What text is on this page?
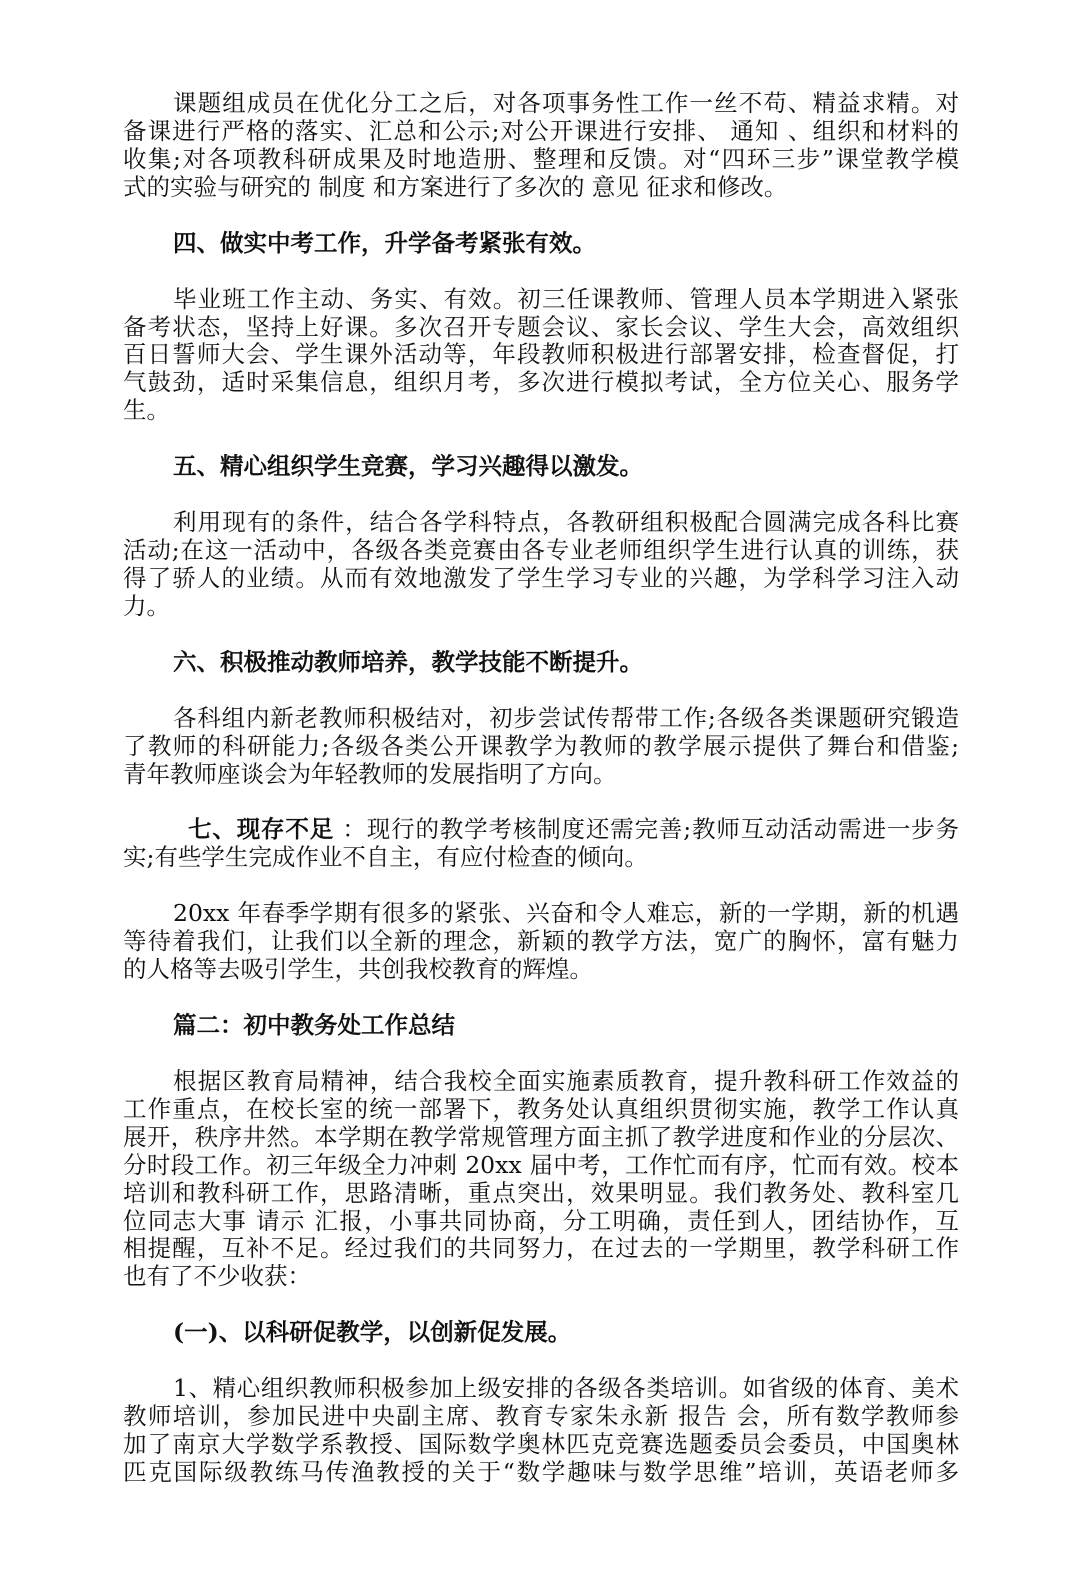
课题组成员在优化分工之后，对各项事务性工作一丝不苟、精益求精。对
备课进行严格的落实、汇总和公示;对公开课进行安排、 通知 、组织和材料的
收集;对各项教科研成果及时地造册、整理和反馈。对“四环三步”课堂教学模
式的实验与研究的 制度 和方案进行了多次的 意见 征求和修改。
四、做实中考工作，升学备考紧张有效。
毕业班工作主动、务实、有效。初三任课教师、管理人员本学期进入紧张
备考状态，坚持上好课。多次召开专题会议、家长会议、学生大会，高效组织
百日誓师大会、学生课外活动等，年段教师积极进行部署安排，检查督促，打
气鼓劲，适时采集信息，组织月考，多次进行模拟考试，全方位关心、服务学
生。
五、精心组织学生竞赛，学习兴趣得以激发。
利用现有的条件，结合各学科特点，各教研组积极配合圆满完成各科比赛
活动;在这一活动中，各级各类竞赛由各专业老师组织学生进行认真的训练，获
得了骄人的业绩。从而有效地激发了学生学习专业的兴趣，为学科学习注入动
力。
六、积极推动教师培养，教学技能不断提升。
各科组内新老教师积极结对，初步尝试传帮带工作;各级各类课题研究锻造
了教师的科研能力;各级各类公开课教学为教师的教学展示提供了舞台和借鉴;
青年教师座谈会为年轻教师的发展指明了方向。
七、现存不足 ：现行的教学考核制度还需完善;教师互动活动需进一步务
实;有些学生完成作业不自主，有应付检查的倾向。
20xx 年春季学期有很多的紧张、兴奋和令人难忘，新的一学期，新的机遇
等待着我们，让我们以全新的理念，新颖的教学方法，宽广的胸怀，富有魅力
的人格等去吸引学生，共创我校教育的辉煌。
篇二：初中教务处工作总结
根据区教育局精神，结合我校全面实施素质教育，提升教科研工作效益的
工作重点，在校长室的统一部署下，教务处认真组织贯彻实施，教学工作认真
展开，秩序井然。本学期在教学常规管理方面主抓了教学进度和作业的分层次、
分时段工作。初三年级全力冲刺 20xx 届中考，工作忙而有序，忙而有效。校本
培训和教科研工作，思路清晰，重点突出，效果明显。我们教务处、教科室几
位同志大事 请示 汇报，小事共同协商，分工明确，责任到人，团结协作，互
相提醒，互补不足。经过我们的共同努力，在过去的一学期里，教学科研工作
也有了不少收获：
(一)、以科研促教学，以创新促发展。
1、精心组织教师积极参加上级安排的各级各类培训。如省级的体育、美术
教师培训，参加民进中央副主席、教育专家朱永新 报告 会，所有数学教师参
加了南京大学数学系教授、国际数学奥林匹克竞赛选题委员会委员，中国奥林
匹克国际级教练马传渔教授的关于“数学趣味与数学思维”培训，英语老师多
